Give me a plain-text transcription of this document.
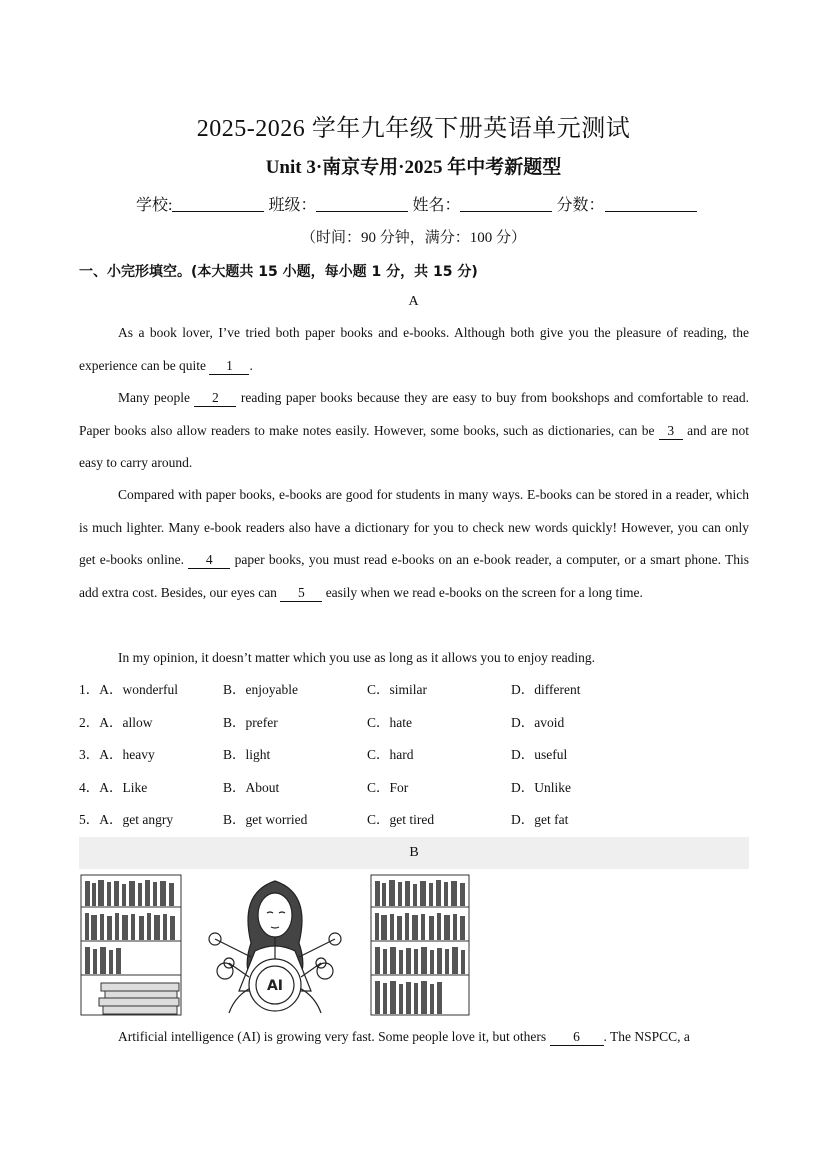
2025-2026 学年九年级下册英语单元测试
Unit 3·南京专用·2025 年中考新题型
学校:	班级：	姓名：	分数：
（时间：90 分钟，满分：100 分）
一、小完形填空。(本大题共 15 小题，每小题 1 分，共 15 分)
A

As a book lover, I’ve tried both paper books and e-books. Although both give you the pleasure of reading, the experience can be quite 1 .

Many people 2 reading paper books because they are easy to buy from bookshops and comfortable to read. Paper books also allow readers to make notes easily. However, some books, such as dictionaries, can be 3 and are not easy to carry around.

Compared with paper books, e-books are good for students in many ways. E-books can be stored in a reader, which is much lighter. Many e-book readers also have a dictionary for you to check new words quickly! However, you can only get e-books online. 4 paper books, you must read e-books on an e-book reader, a computer, or a smart phone. This add extra cost. Besides, our eyes can 5 easily when we read e-books on the screen for a long time.

In my opinion, it doesn’t matter which you use as long as it allows you to enjoy reading.

1．A．wonderful	B．enjoyable	C．similar	D．different
2．A．allow	B．prefer	C．hate	D．avoid
3．A．heavy	B．light	C．hard	D．useful
4．A．Like	B．About	C．For	D．Unlike
5．A．get angry	B．get worried	C．get tired	D．get fat
B
AI

Artificial intelligence (AI) is growing very fast. Some people love it, but others 6 . The NSPCC, a
